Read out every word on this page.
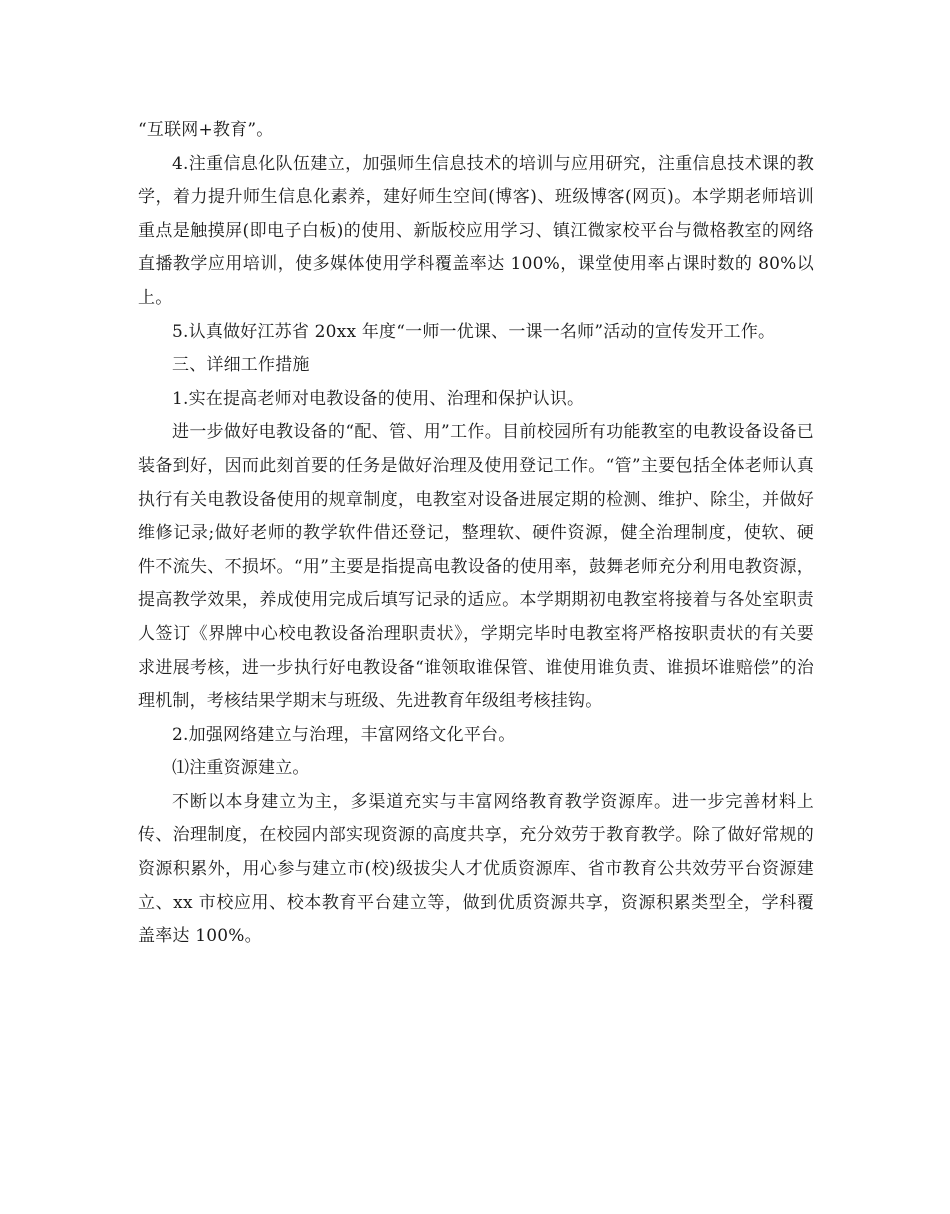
“互联网+教育”。

4.注重信息化队伍建立，加强师生信息技术的培训与应用研究，注重信息技术课的教学，着力提升师生信息化素养，建好师生空间(博客)、班级博客(网页)。本学期老师培训重点是触摸屏(即电子白板)的使用、新版校应用学习、镇江微家校平台与微格教室的网络直播教学应用培训，使多媒体使用学科覆盖率达 100%，课堂使用率占课时数的 80%以上。

5.认真做好江苏省 20xx 年度“一师一优课、一课一名师”活动的宣传发开工作。

三、详细工作措施

1.实在提高老师对电教设备的使用、治理和保护认识。

进一步做好电教设备的“配、管、用”工作。目前校园所有功能教室的电教设备设备已装备到好，因而此刻首要的任务是做好治理及使用登记工作。“管”主要包括全体老师认真执行有关电教设备使用的规章制度，电教室对设备进展定期的检测、维护、除尘，并做好维修记录;做好老师的教学软件借还登记，整理软、硬件资源，健全治理制度，使软、硬件不流失、不损坏。“用”主要是指提高电教设备的使用率，鼓舞老师充分利用电教资源，提高教学效果，养成使用完成后填写记录的适应。本学期期初电教室将接着与各处室职责人签订《界牌中心校电教设备治理职责状》，学期完毕时电教室将严格按职责状的有关要求进展考核，进一步执行好电教设备“谁领取谁保管、谁使用谁负责、谁损坏谁赔偿”的治理机制，考核结果学期末与班级、先进教育年级组考核挂钩。

2.加强网络建立与治理，丰富网络文化平台。

⑴注重资源建立。

不断以本身建立为主，多渠道充实与丰富网络教育教学资源库。进一步完善材料上传、治理制度，在校园内部实现资源的高度共享，充分效劳于教育教学。除了做好常规的资源积累外，用心参与建立市(校)级拔尖人才优质资源库、省市教育公共效劳平台资源建立、xx 市校应用、校本教育平台建立等，做到优质资源共享，资源积累类型全，学科覆盖率达 100%。
